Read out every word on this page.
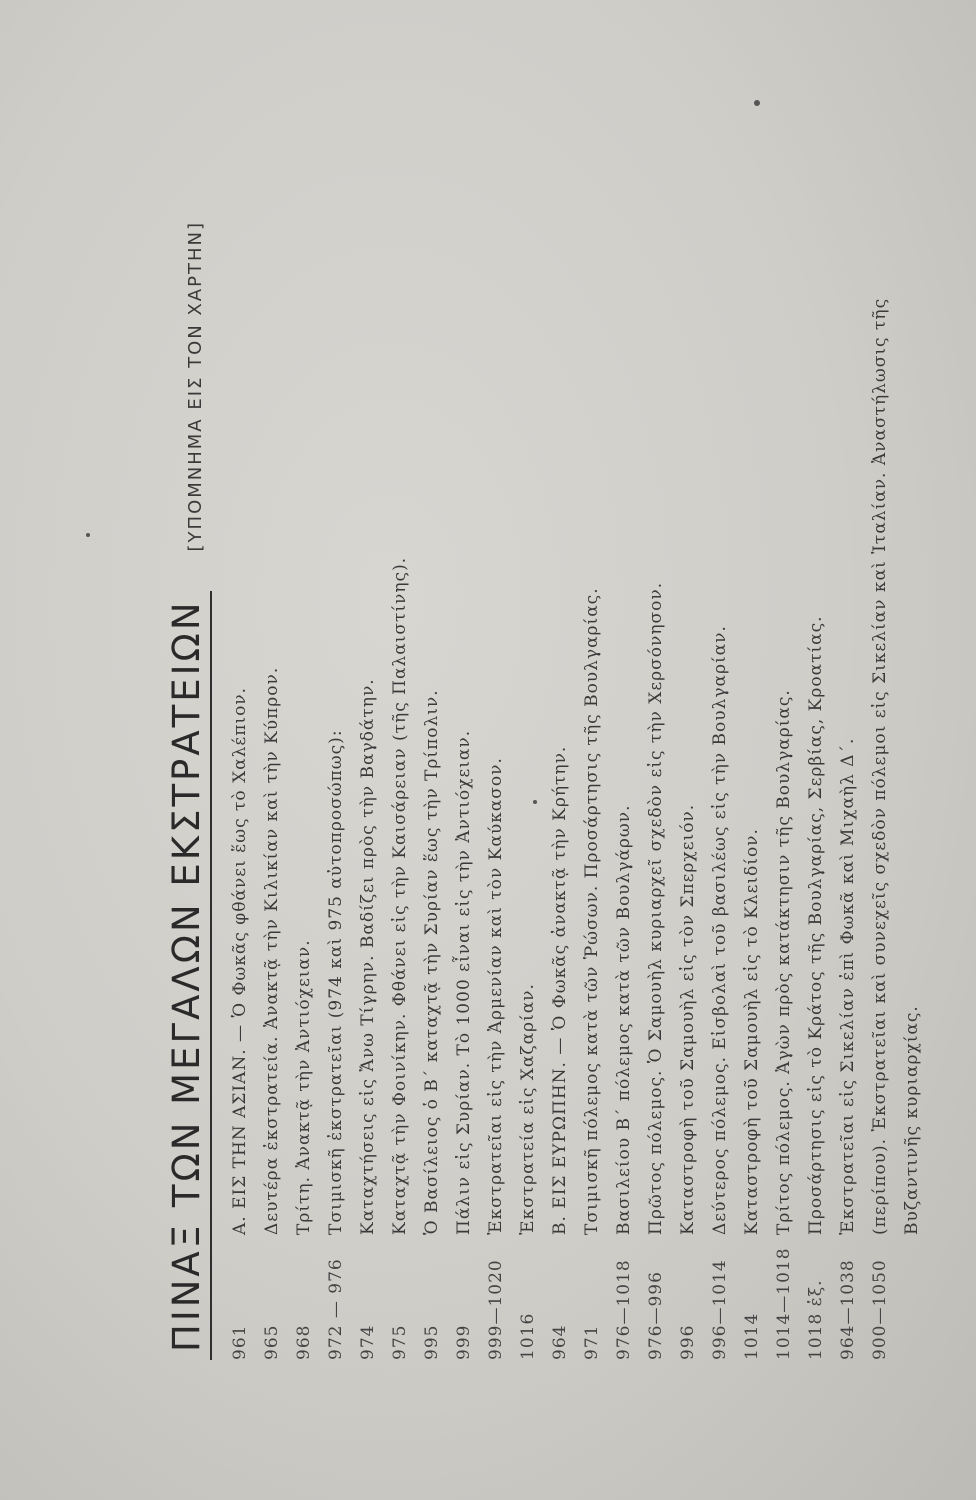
ΠΙΝΑΞ ΤΩΝ ΜΕΓΑΛΩΝ ΕΚΣΤΡΑΤΕΙΩΝ
[ΥΠΟΜΝΗΜΑ ΕΙΣ ΤΟΝ ΧΑΡΤΗΝ]
961
Α. ΕΙΣ ΤΗΝ ΑΣΙΑΝ. — Ὁ Φωκᾶς φθάνει ἕως τὸ Χαλέπιον.
965
Δευτέρα ἐκστρατεία. Ἀνακτᾷ τὴν Κιλικίαν καὶ τὴν Κύπρον.
968
Τρίτη. Ἀνακτᾷ τὴν Ἀντιόχειαν.
972 — 976
Τσιμισκῆ ἐκστρατεῖαι (974 καὶ 975 αὐτοπροσώπως):
974
Καταχτήσεις εἰς Ἄνω Τίγρην. Βαδίζει πρὸς τὴν Βαγδάτην.
975
Καταχτᾷ τὴν Φοινίκην. Φθάνει εἰς τὴν Καισάρειαν (τῆς Παλαιστίνης).
995
Ὁ Βασίλειος ὁ Β΄ καταχτᾷ τὴν Συρίαν ἕως τὴν Τρίπολιν.
999
Πάλιν εἰς Συρίαν. Τὸ 1000 εἶναι εἰς τὴν Ἀντιόχειαν.
999—1020
Ἐκστρατεῖαι εἰς τὴν Ἀρμενίαν καὶ τὸν Καύκασον.
1016
Ἐκστρατεία εἰς Χαζαρίαν.
964
Β. ΕΙΣ ΕΥΡΩΠΗΝ. — Ὁ Φωκᾶς ἀνακτᾷ τὴν Κρήτην.
971
Τσιμισκῆ πόλεμος κατὰ τῶν Ῥώσων. Προσάρτησις τῆς Βουλγαρίας.
976—1018
Βασιλείου Β΄ πόλεμος κατὰ τῶν Βουλγάρων.
976—996
Πρῶτος πόλεμος. Ὁ Σαμουὴλ κυριαρχεῖ σχεδὸν εἰς τὴν Χερσόνησον.
996
Καταστροφὴ τοῦ Σαμουὴλ εἰς τὸν Σπερχειόν.
996—1014
Δεύτερος πόλεμος. Εἰσβολαὶ τοῦ βασιλέως εἰς τὴν Βουλγαρίαν.
1014
Καταστροφὴ τοῦ Σαμουὴλ εἰς τὸ Κλειδίον.
1014—1018
Τρίτος πόλεμος. Ἀγὼν πρὸς κατάκτησιν τῆς Βουλγαρίας.
1018 ἑξ.
Προσάρτησις εἰς τὸ Κράτος τῆς Βουλγαρίας, Σερβίας, Κροατίας.
964—1038
Ἐκστρατεῖαι εἰς Σικελίαν ἐπὶ Φωκᾶ καὶ Μιχαὴλ Δ΄.
900—1050
(περίπου). Ἐκστρατεῖαι καὶ συνεχεῖς σχεδὸν πόλεμοι εἰς Σικελίαν καὶ Ἰταλίαν. Ἀναστήλωσις τῆς Βυζαντινῆς κυριαρχίας.
